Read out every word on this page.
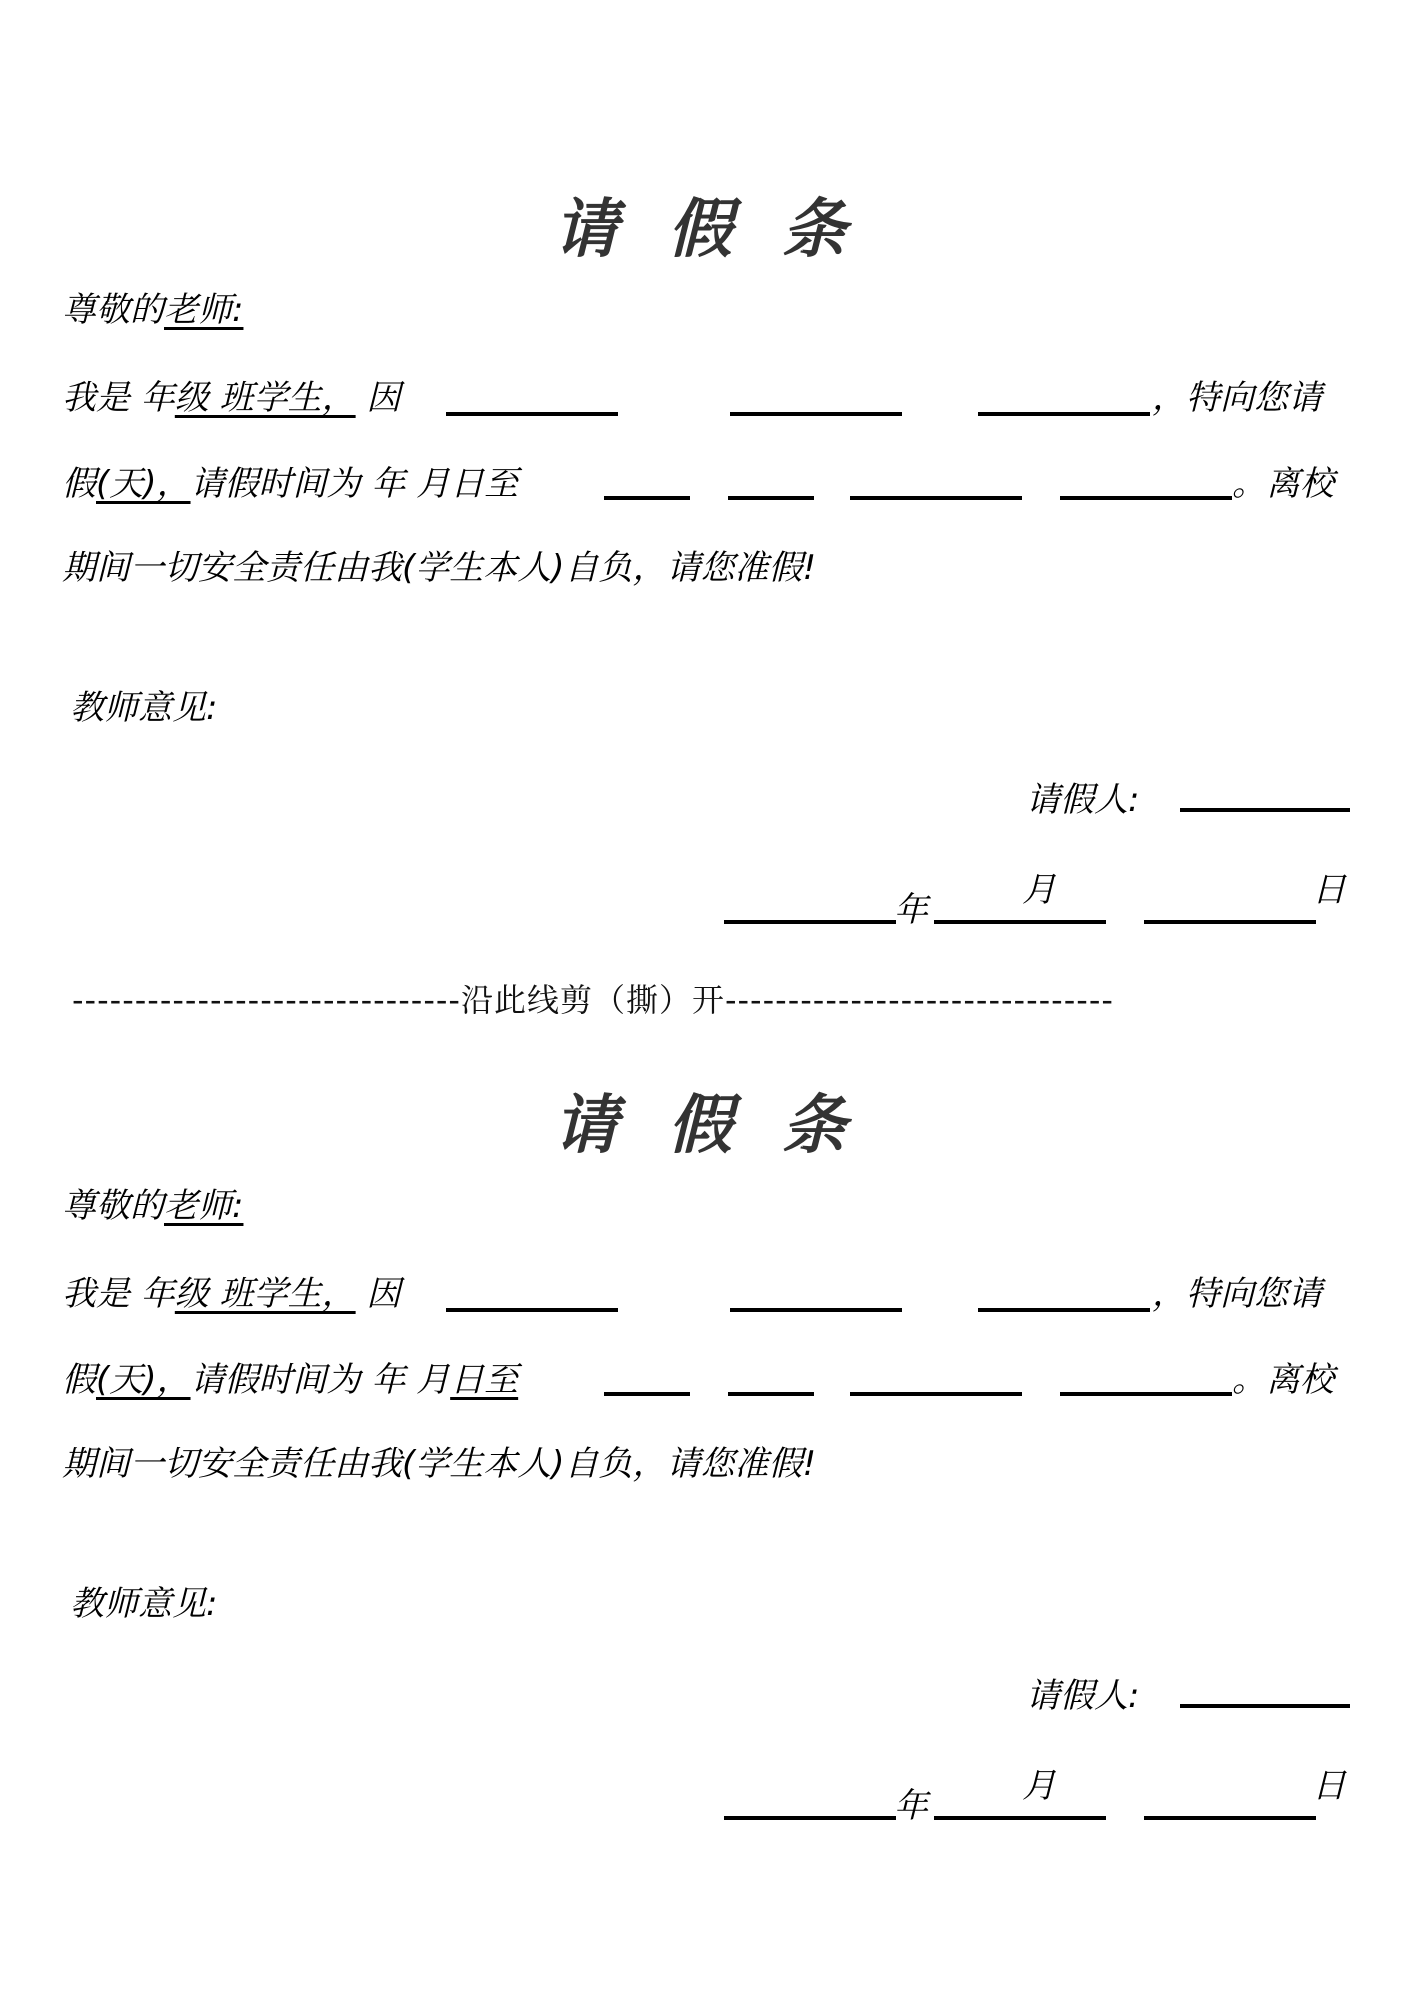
请 假 条
尊敬的老师:
我是 年级 班学生， 因	，特向您请
假(天)，请假时间为 年 月日至	。离校
期间一切安全责任由我(学生本人)自负，请您准假!
教师意见:
请假人:
年	月	日
-------------------------------沿此线剪（撕）开-------------------------------
请 假 条
尊敬的老师:
我是 年级 班学生， 因	，特向您请
假(天)，请假时间为 年 月日至	。离校
期间一切安全责任由我(学生本人)自负，请您准假!
教师意见:
请假人:
年	月	日
